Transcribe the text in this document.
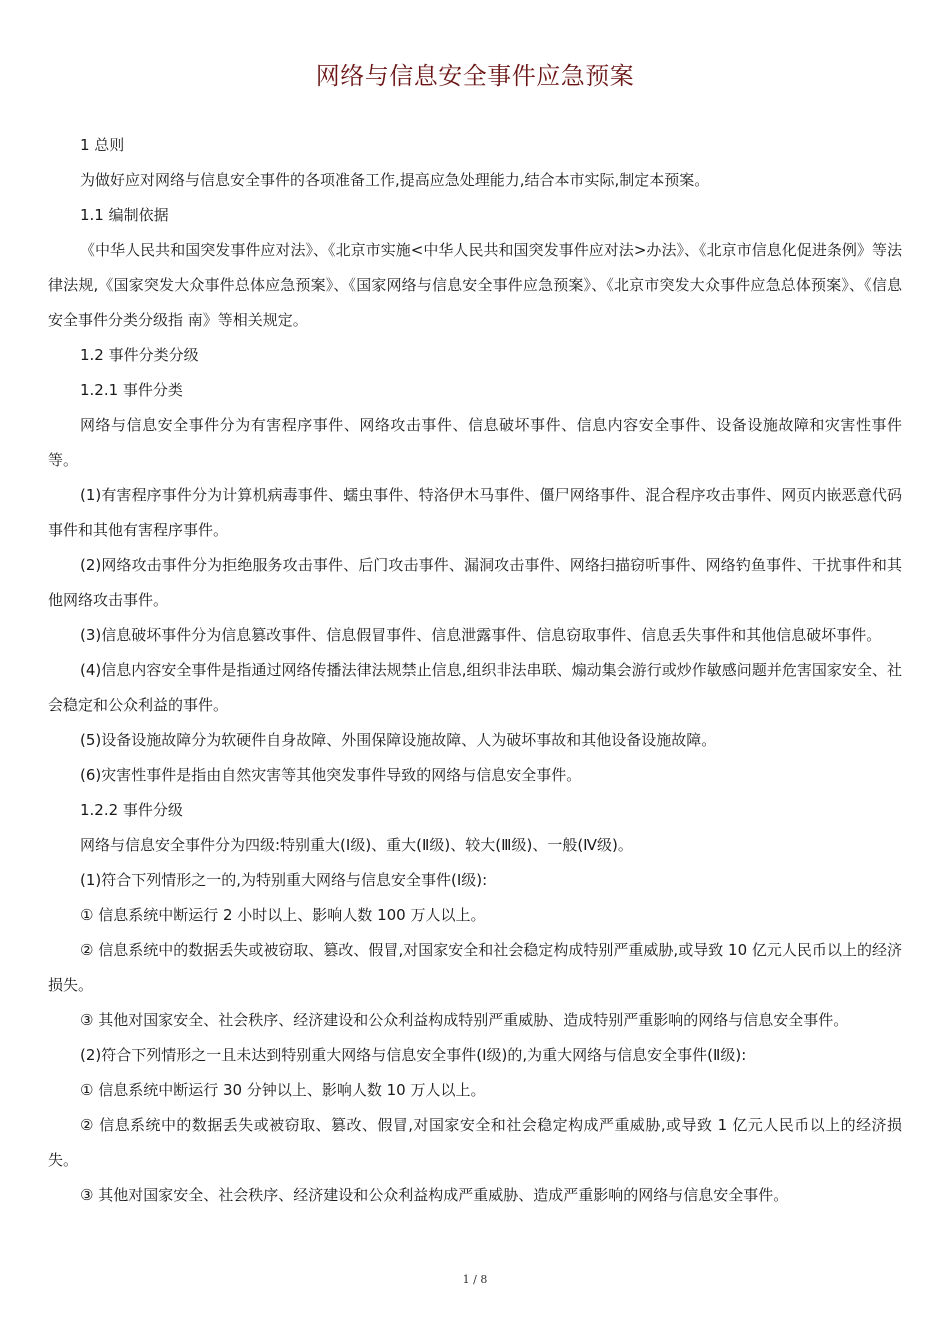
网络与信息安全事件应急预案

1 总则

为做好应对网络与信息安全事件的各项准备工作,提高应急处理能力,结合本市实际,制定本预案。

1.1 编制依据

《中华人民共和国突发事件应对法》、《北京市实施<中华人民共和国突发事件应对法>办法》、《北京市信息化促进条例》等法律法规,《国家突发大众事件总体应急预案》、《国家网络与信息安全事件应急预案》、《北京市突发大众事件应急总体预案》、《信息安全事件分类分级指 南》等相关规定。

1.2 事件分类分级

1.2.1 事件分类

网络与信息安全事件分为有害程序事件、网络攻击事件、信息破坏事件、信息内容安全事件、设备设施故障和灾害性事件等。

(1)有害程序事件分为计算机病毒事件、蠕虫事件、特洛伊木马事件、僵尸网络事件、混合程序攻击事件、网页内嵌恶意代码事件和其他有害程序事件。

(2)网络攻击事件分为拒绝服务攻击事件、后门攻击事件、漏洞攻击事件、网络扫描窃听事件、网络钓鱼事件、干扰事件和其他网络攻击事件。

(3)信息破坏事件分为信息篡改事件、信息假冒事件、信息泄露事件、信息窃取事件、信息丢失事件和其他信息破坏事件。

(4)信息内容安全事件是指通过网络传播法律法规禁止信息,组织非法串联、煽动集会游行或炒作敏感问题并危害国家安全、社会稳定和公众利益的事件。

(5)设备设施故障分为软硬件自身故障、外围保障设施故障、人为破坏事故和其他设备设施故障。

(6)灾害性事件是指由自然灾害等其他突发事件导致的网络与信息安全事件。

1.2.2 事件分级

网络与信息安全事件分为四级:特别重大(Ⅰ级)、重大(Ⅱ级)、较大(Ⅲ级)、一般(Ⅳ级)。

(1)符合下列情形之一的,为特别重大网络与信息安全事件(Ⅰ级):

① 信息系统中断运行 2 小时以上、影响人数 100 万人以上。

② 信息系统中的数据丢失或被窃取、篡改、假冒,对国家安全和社会稳定构成特别严重威胁,或导致 10 亿元人民币以上的经济损失。

③ 其他对国家安全、社会秩序、经济建设和公众利益构成特别严重威胁、造成特别严重影响的网络与信息安全事件。

(2)符合下列情形之一且未达到特别重大网络与信息安全事件(Ⅰ级)的,为重大网络与信息安全事件(Ⅱ级):

① 信息系统中断运行 30 分钟以上、影响人数 10 万人以上。

② 信息系统中的数据丢失或被窃取、篡改、假冒,对国家安全和社会稳定构成严重威胁,或导致 1 亿元人民币以上的经济损失。

③ 其他对国家安全、社会秩序、经济建设和公众利益构成严重威胁、造成严重影响的网络与信息安全事件。

1 / 8
